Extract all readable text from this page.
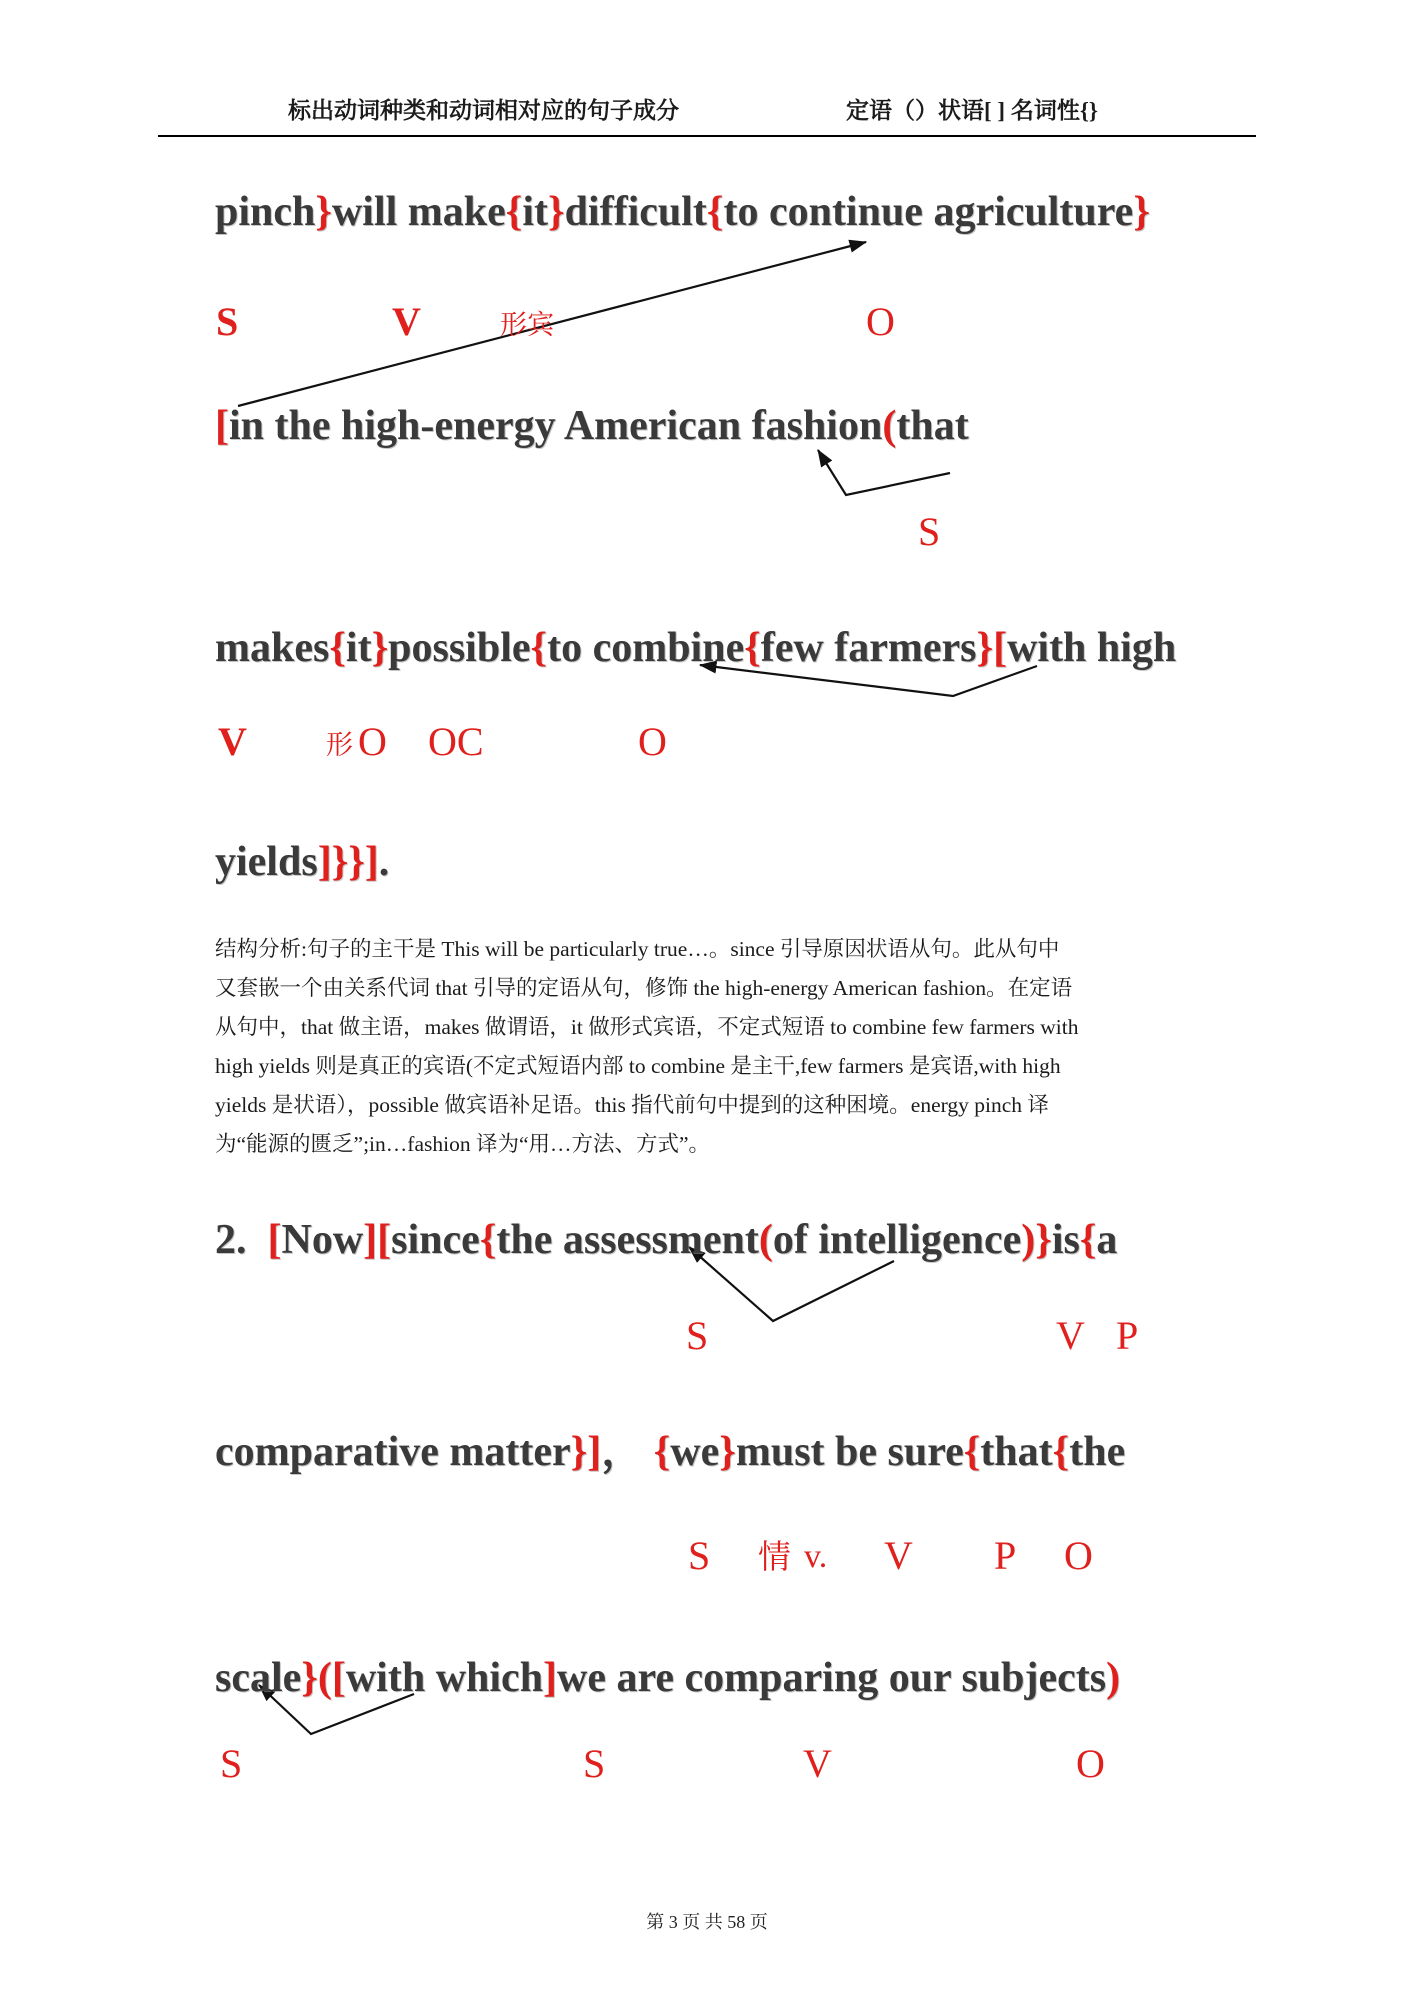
标出动词种类和动词相对应的句子成分	定语（）状语[ ] 名词性{}
pinch}will make{it}difficult{to continue agriculture}
[in the high-energy American fashion(that
makes{it}possible{to combine{few farmers}[with high
yields]}}].
2.  [Now][since{the assessment(of intelligence)}is{a
comparative matter}]， {we}must be sure{that{the
scale}([with which]we are comparing our subjects)
S	V	形宾	O
S
V	形 O OC	O
S	V P
S 情 v. V P O
S	S	V	O
结构分析:句子的主干是 This will be particularly true…。since 引导原因状语从句。此从句中
又套嵌一个由关系代词 that 引导的定语从句，修饰 the high-energy American fashion。在定语
从句中，that 做主语，makes 做谓语，it 做形式宾语，不定式短语 to combine few farmers with
high yields 则是真正的宾语(不定式短语内部 to combine 是主干,few farmers 是宾语,with high
yields 是状语），possible 做宾语补足语。this 指代前句中提到的这种困境。energy pinch 译
为“能源的匮乏”;in…fashion 译为“用…方法、方式”。
第 3 页 共 58 页
